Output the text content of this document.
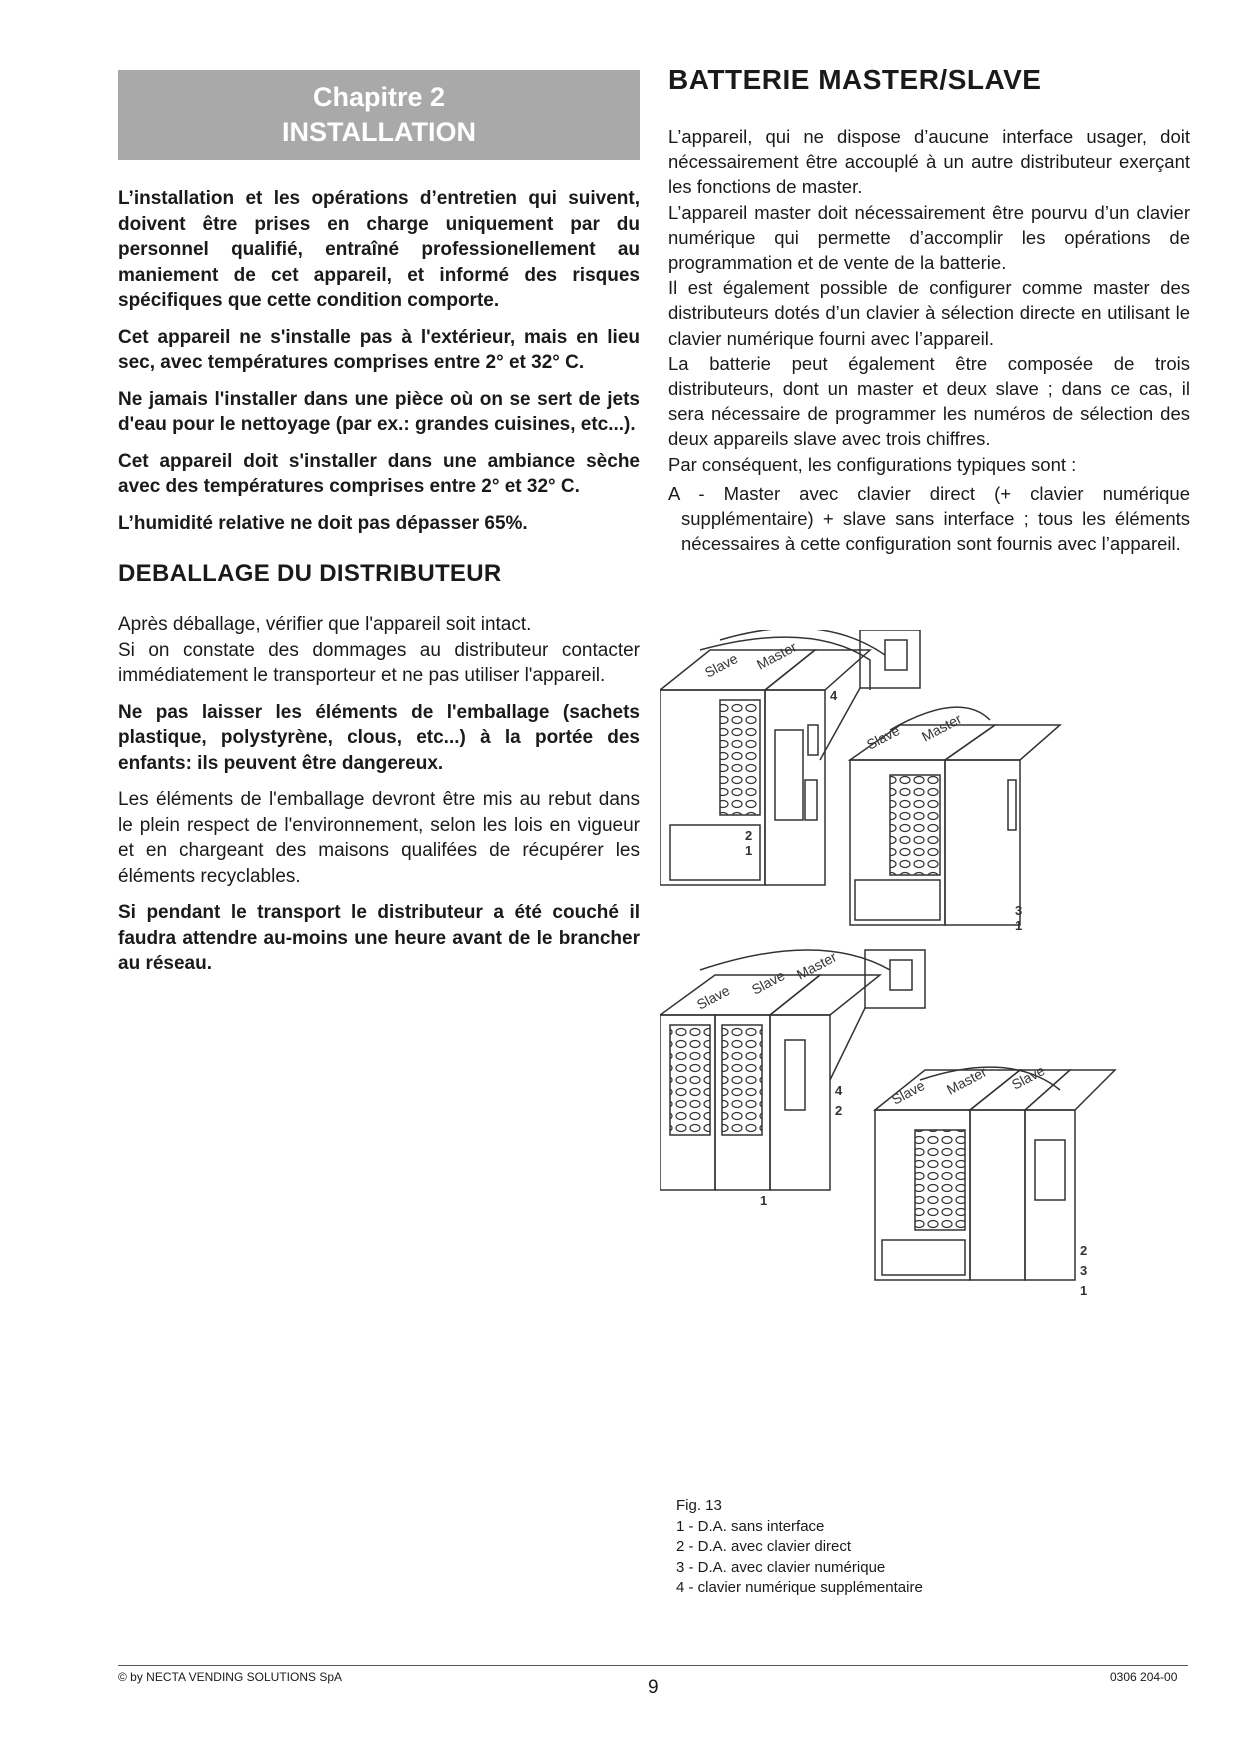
Chapitre 2
INSTALLATION

L’installation et les opérations d’entretien qui suivent, doivent être prises en charge uniquement par du personnel qualifié, entraîné professionellement au maniement de cet appareil, et informé des risques spécifiques que cette condition comporte.

Cet appareil ne s'installe pas à l'extérieur, mais en lieu sec, avec températures comprises entre 2° et 32° C.

Ne jamais l'installer dans une pièce où on se sert de jets d'eau pour le nettoyage (par ex.: grandes cuisines, etc...).

Cet appareil doit s'installer dans une ambiance sèche avec des températures comprises entre 2° et 32° C.

L’humidité relative ne doit pas dépasser 65%.

DEBALLAGE DU DISTRIBUTEUR

Après déballage, vérifier que l'appareil soit intact.

Si on constate des dommages au distributeur contacter immédiatement le transporteur et ne pas utiliser l'appareil.

Ne pas laisser les éléments de l'emballage (sachets plastique, polystyrène, clous, etc...) à la portée des enfants: ils peuvent être dangereux.

Les éléments de l'emballage devront être mis au rebut dans le plein respect de l'environnement, selon les lois en vigueur et en chargeant des maisons qualifées de récupérer les éléments recyclables.

Si pendant le transport le distributeur a été couché il faudra attendre au-moins une heure avant de le brancher au réseau.

BATTERIE MASTER/SLAVE

L’appareil, qui ne dispose d’aucune interface usager, doit nécessairement être accouplé à un autre distributeur exerçant les fonctions de master.

L’appareil master doit nécessairement être pourvu d’un clavier numérique qui permette d’accomplir les opérations de programmation et de vente de la batterie.

Il est également possible de configurer comme master des distributeurs dotés d’un clavier à sélection directe en utilisant le clavier numérique fourni avec l’appareil.

La batterie peut également être composée de trois distributeurs, dont un master et deux slave ; dans ce cas, il sera nécessaire de programmer les numéros de sélection des deux appareils slave avec trois chiffres.

Par conséquent, les configurations typiques sont :

A - Master avec clavier direct (+ clavier numérique supplémentaire) + slave sans interface ; tous les éléments nécessaires à cette configuration sont fournis avec l’appareil.

Slave Master
4
2
1
Slave Master
3
1
Slave Slave Master
4
2
1
Slave Master Slave
2
3
1
Fig. 13
1 - D.A. sans interface
2 - D.A. avec clavier direct
3 - D.A. avec clavier numérique
4 - clavier numérique supplémentaire
© by NECTA VENDING SOLUTIONS SpA	9	0306 204-00
